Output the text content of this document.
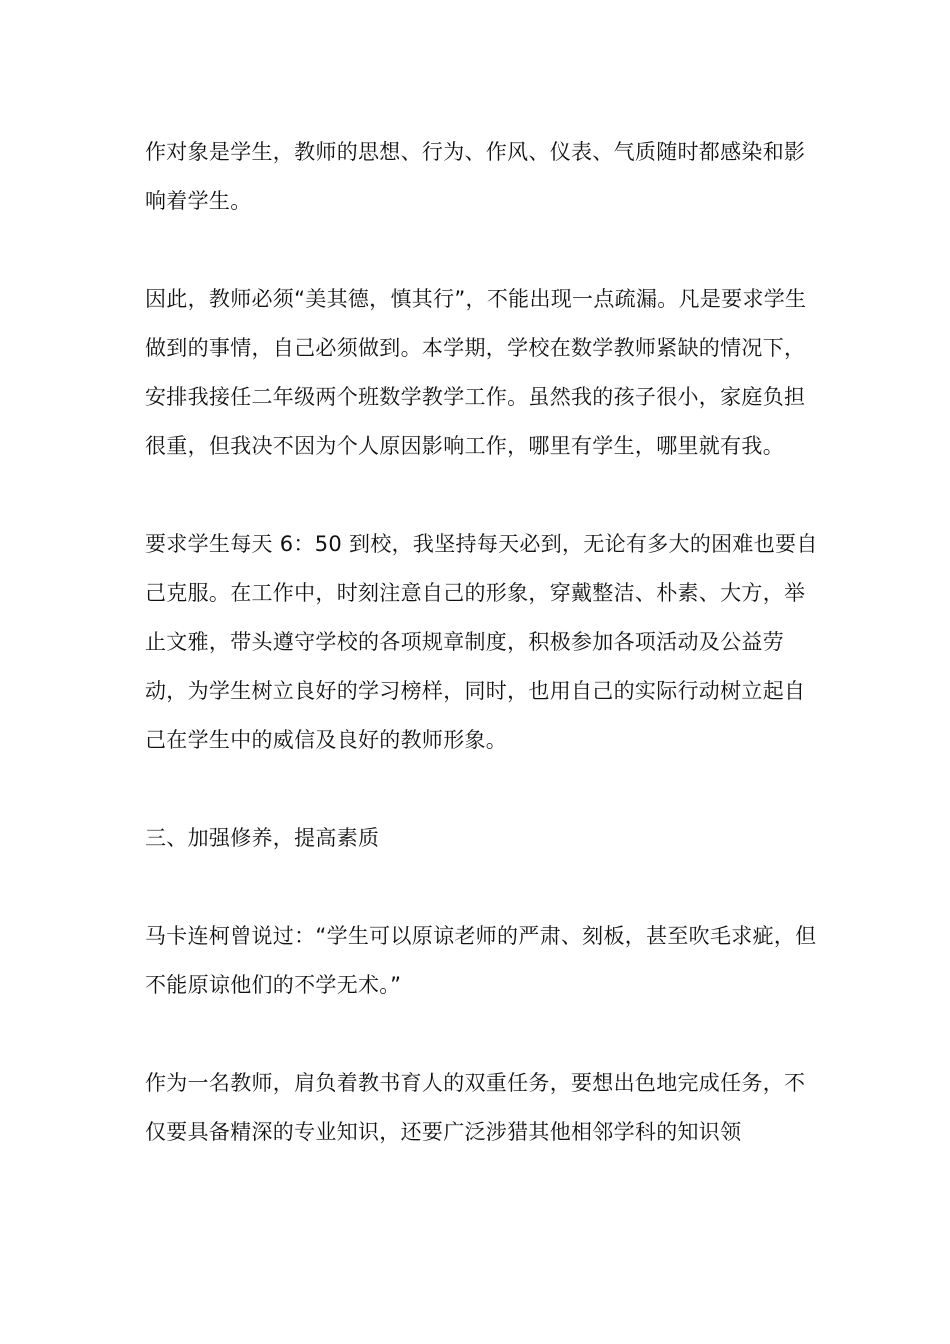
作对象是学生，教师的思想、行为、作风、仪表、气质随时都感染和影响着学生。

因此，教师必须“美其德，慎其行”，不能出现一点疏漏。凡是要求学生做到的事情，自己必须做到。本学期，学校在数学教师紧缺的情况下，安排我接任二年级两个班数学教学工作。虽然我的孩子很小，家庭负担很重，但我决不因为个人原因影响工作，哪里有学生，哪里就有我。

要求学生每天 6：50 到校，我坚持每天必到，无论有多大的困难也要自己克服。在工作中，时刻注意自己的形象，穿戴整洁、朴素、大方，举止文雅，带头遵守学校的各项规章制度，积极参加各项活动及公益劳动，为学生树立良好的学习榜样，同时，也用自己的实际行动树立起自己在学生中的威信及良好的教师形象。

三、加强修养，提高素质

马卡连柯曾说过：“学生可以原谅老师的严肃、刻板，甚至吹毛求疵，但不能原谅他们的不学无术。”

作为一名教师，肩负着教书育人的双重任务，要想出色地完成任务，不仅要具备精深的专业知识，还要广泛涉猎其他相邻学科的知识领
